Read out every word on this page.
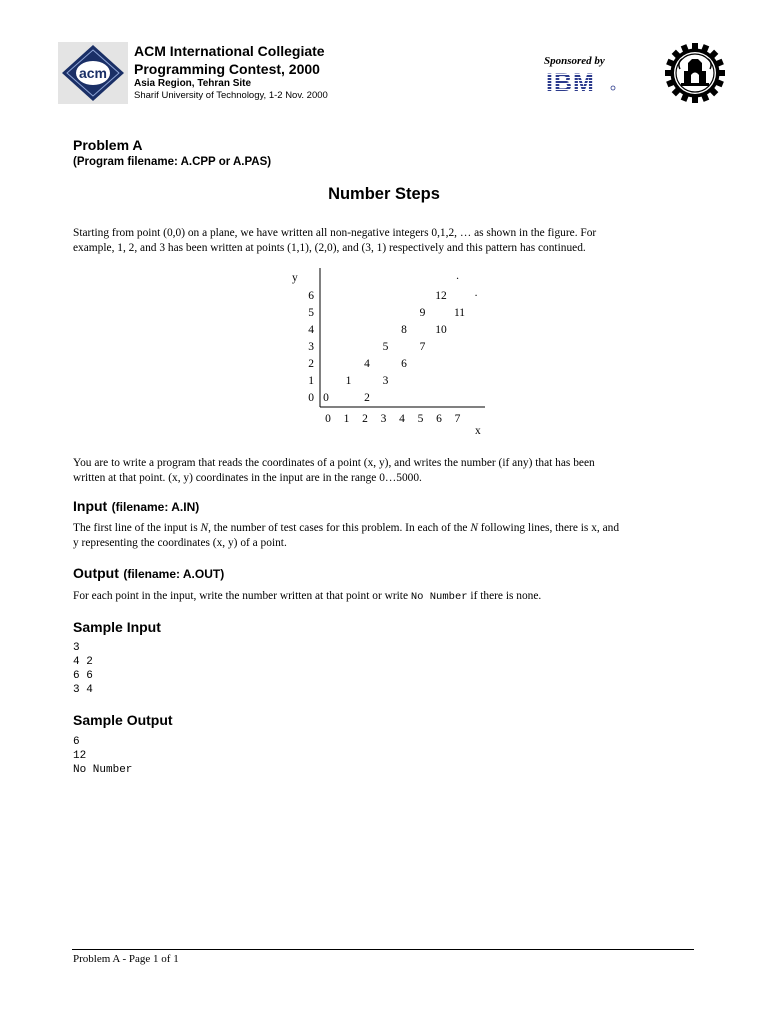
acm
ACM International Collegiate
Programming Contest, 2000
Asia Region, Tehran Site
Sharif University of Technology, 1-2 Nov. 2000
Sponsored by
IBM
Problem A
(Program filename: A.CPP or A.PAS)
Number Steps
Starting from point (0,0) on a plane, we have written all non-negative integers 0,1,2, … as shown in the figure. For
example, 1, 2, and 3 has been written at points (1,1), (2,0), and (3, 1) respectively and this pattern has continued.
y
x
0
1
2
3
4
5
6
0 1 2 3 4 5 6 7
0
1
2
3
4
5
6
7
8
9
10
11
12
.
.
You are to write a program that reads the coordinates of a point (x, y), and writes the number (if any) that has been
written at that point. (x, y) coordinates in the input are in the range 0…5000.
Input (filename: A.IN)
The first line of the input is N, the number of test cases for this problem. In each of the N following lines, there is x, and
y representing the coordinates (x, y) of a point.
Output (filename: A.OUT)
For each point in the input, write the number written at that point or write No Number if there is none.
Sample Input
3
4 2
6 6
3 4
Sample Output
6
12
No Number
Problem A - Page 1 of 1
